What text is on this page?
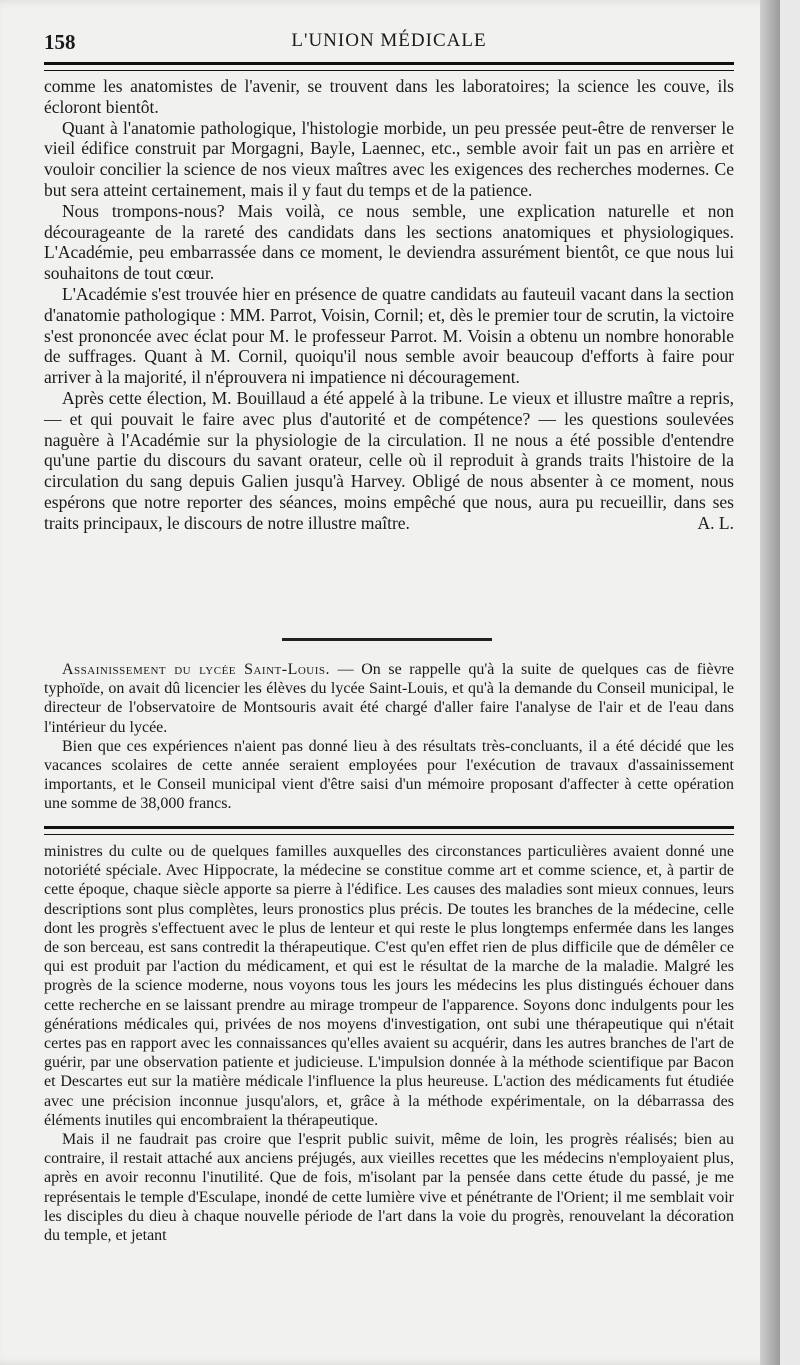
158	L'UNION MÉDICALE

comme les anatomistes de l'avenir, se trouvent dans les laboratoires; la science les couve, ils écloront bientôt.

Quant à l'anatomie pathologique, l'histologie morbide, un peu pressée peut-être de renverser le vieil édifice construit par Morgagni, Bayle, Laennec, etc., semble avoir fait un pas en arrière et vouloir concilier la science de nos vieux maîtres avec les exigences des recherches modernes. Ce but sera atteint certainement, mais il y faut du temps et de la patience.

Nous trompons-nous? Mais voilà, ce nous semble, une explication naturelle et non décourageante de la rareté des candidats dans les sections anatomiques et physiologiques. L'Académie, peu embarrassée dans ce moment, le deviendra assurément bientôt, ce que nous lui souhaitons de tout cœur.

L'Académie s'est trouvée hier en présence de quatre candidats au fauteuil vacant dans la section d'anatomie pathologique : MM. Parrot, Voisin, Cornil; et, dès le premier tour de scrutin, la victoire s'est prononcée avec éclat pour M. le professeur Parrot. M. Voisin a obtenu un nombre honorable de suffrages. Quant à M. Cornil, quoiqu'il nous semble avoir beaucoup d'efforts à faire pour arriver à la majorité, il n'éprouvera ni impatience ni découragement.

Après cette élection, M. Bouillaud a été appelé à la tribune. Le vieux et illustre maître a repris, — et qui pouvait le faire avec plus d'autorité et de compétence? — les questions soulevées naguère à l'Académie sur la physiologie de la circulation. Il ne nous a été possible d'entendre qu'une partie du discours du savant orateur, celle où il reproduit à grands traits l'histoire de la circulation du sang depuis Galien jusqu'à Harvey. Obligé de nous absenter à ce moment, nous espérons que notre reporter des séances, moins empêché que nous, aura pu recueillir, dans ses traits principaux, le discours de notre illustre maître.	A. L.

Assainissement du lycée Saint-Louis. — On se rappelle qu'à la suite de quelques cas de fièvre typhoïde, on avait dû licencier les élèves du lycée Saint-Louis, et qu'à la demande du Conseil municipal, le directeur de l'observatoire de Montsouris avait été chargé d'aller faire l'analyse de l'air et de l'eau dans l'intérieur du lycée.

Bien que ces expériences n'aient pas donné lieu à des résultats très-concluants, il a été décidé que les vacances scolaires de cette année seraient employées pour l'exécution de travaux d'assainissement importants, et le Conseil municipal vient d'être saisi d'un mémoire proposant d'affecter à cette opération une somme de 38,000 francs.

ministres du culte ou de quelques familles auxquelles des circonstances particulières avaient donné une notoriété spéciale. Avec Hippocrate, la médecine se constitue comme art et comme science, et, à partir de cette époque, chaque siècle apporte sa pierre à l'édifice. Les causes des maladies sont mieux connues, leurs descriptions sont plus complètes, leurs pronostics plus précis. De toutes les branches de la médecine, celle dont les progrès s'effectuent avec le plus de lenteur et qui reste le plus longtemps enfermée dans les langes de son berceau, est sans contredit la thérapeutique. C'est qu'en effet rien de plus difficile que de démêler ce qui est produit par l'action du médicament, et qui est le résultat de la marche de la maladie. Malgré les progrès de la science moderne, nous voyons tous les jours les médecins les plus distingués échouer dans cette recherche en se laissant prendre au mirage trompeur de l'apparence. Soyons donc indulgents pour les générations médicales qui, privées de nos moyens d'investigation, ont subi une thérapeutique qui n'était certes pas en rapport avec les connaissances qu'elles avaient su acquérir, dans les autres branches de l'art de guérir, par une observation patiente et judicieuse. L'impulsion donnée à la méthode scientifique par Bacon et Descartes eut sur la matière médicale l'influence la plus heureuse. L'action des médicaments fut étudiée avec une précision inconnue jusqu'alors, et, grâce à la méthode expérimentale, on la débarrassa des éléments inutiles qui encombraient la thérapeutique.

Mais il ne faudrait pas croire que l'esprit public suivit, même de loin, les progrès réalisés; bien au contraire, il restait attaché aux anciens préjugés, aux vieilles recettes que les médecins n'employaient plus, après en avoir reconnu l'inutilité. Que de fois, m'isolant par la pensée dans cette étude du passé, je me représentais le temple d'Esculape, inondé de cette lumière vive et pénétrante de l'Orient; il me semblait voir les disciples du dieu à chaque nouvelle période de l'art dans la voie du progrès, renouvelant la décoration du temple, et jetant
